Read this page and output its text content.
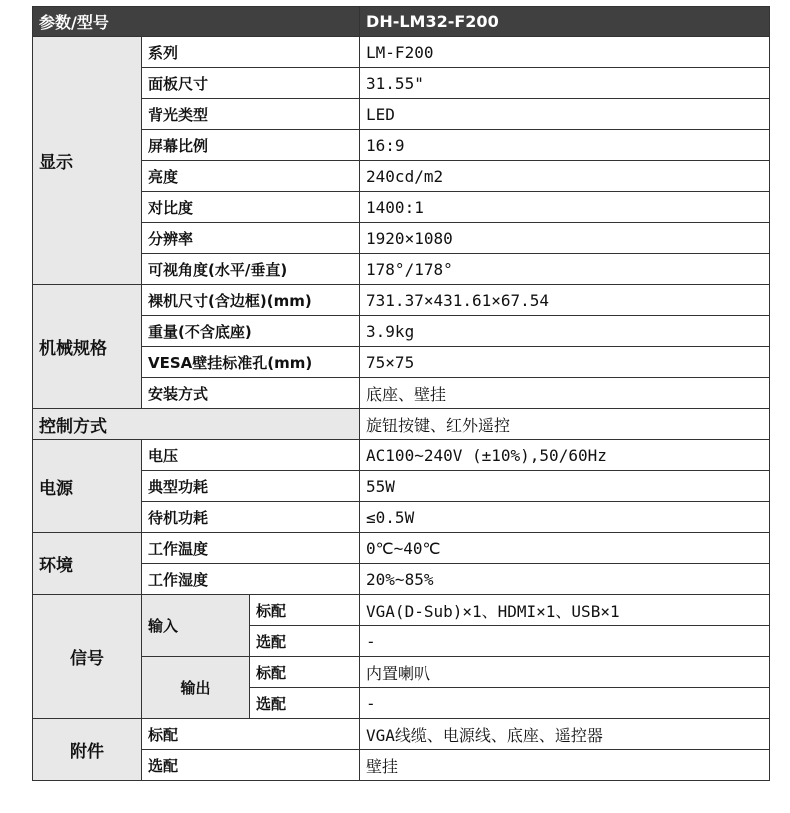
参数/型号			DH-LM32-F200
显示	系列		LM-F200
	面板尺寸		31.55"
	背光类型		LED
	屏幕比例		16:9
	亮度		240cd/m2
	对比度		1400:1
	分辨率		1920×1080
	可视角度(水平/垂直)		178°/178°
机械规格	裸机尺寸(含边框)(mm)		731.37×431.61×67.54
	重量(不含底座)		3.9kg
	VESA壁挂标准孔(mm)		75×75
	安装方式		底座、壁挂
控制方式			旋钮按键、红外遥控
电源	电压		AC100~240V (±10%),50/60Hz
	典型功耗		55W
	待机功耗		≤0.5W
环境	工作温度		0℃~40℃
	工作湿度		20%~85%
信号	输入	标配	VGA(D-Sub)×1、HDMI×1、USB×1
		选配	-
	输出	标配	内置喇叭
		选配	-
附件	标配		VGA线缆、电源线、底座、遥控器
	选配		壁挂
